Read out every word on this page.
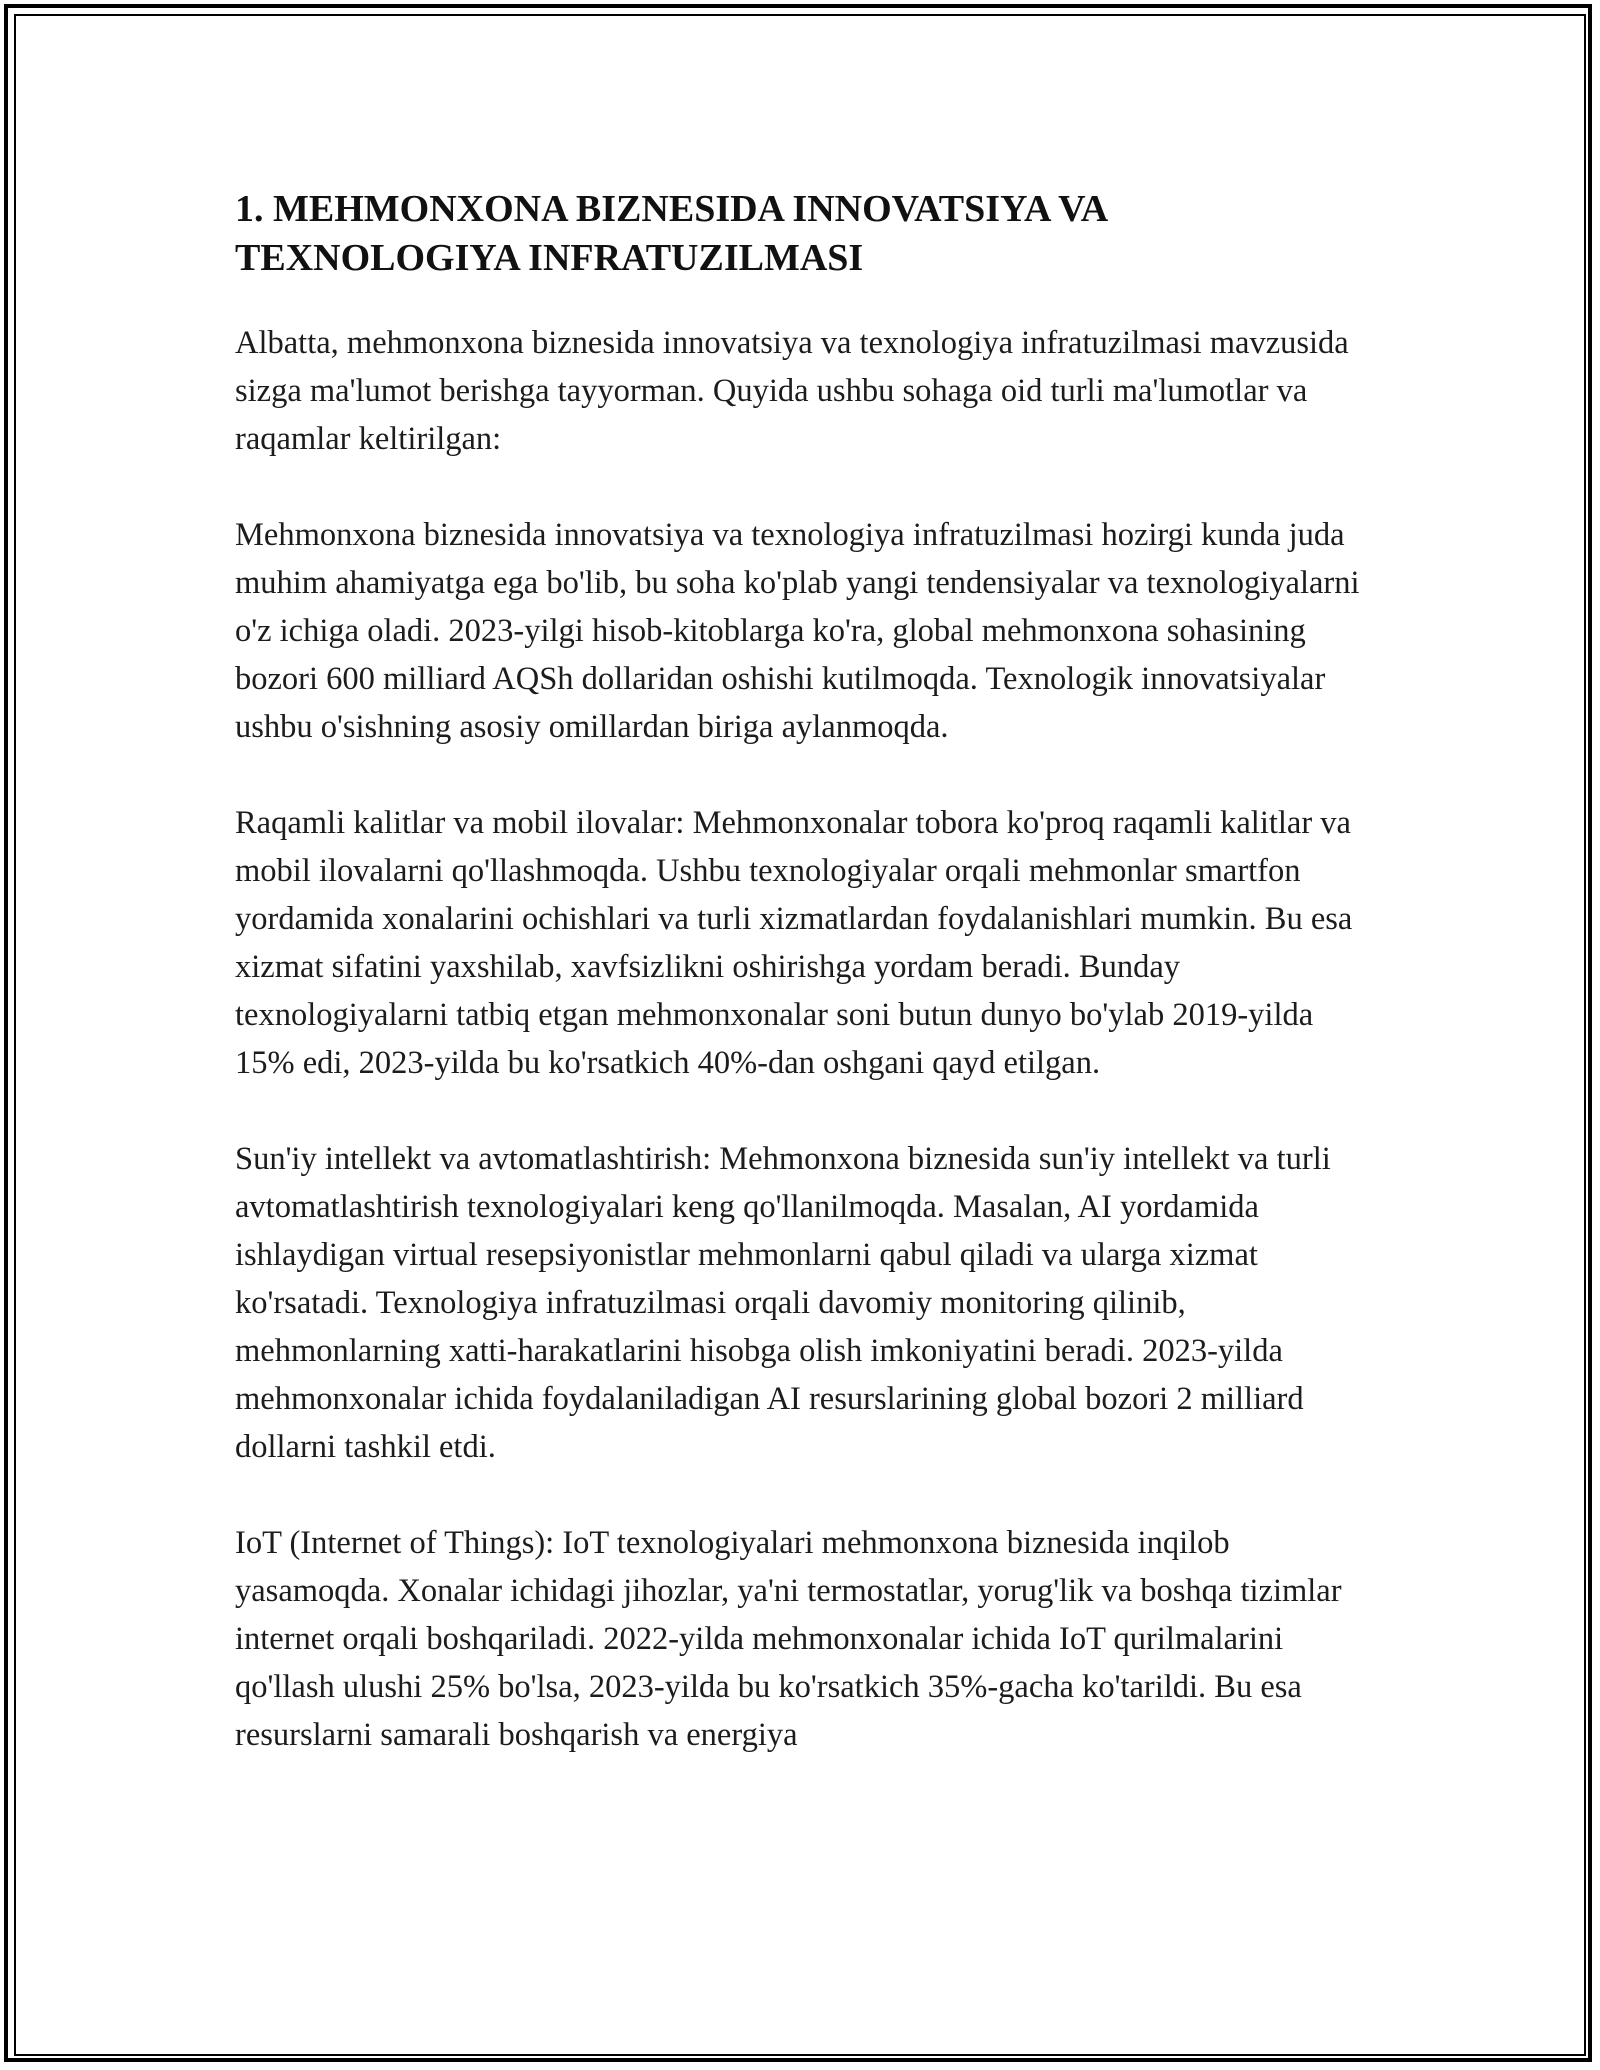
1. MEHMONXONA BIZNESIDA INNOVATSIYA VA TEXNOLOGIYA INFRATUZILMASI

Albatta, mehmonxona biznesida innovatsiya va texnologiya infratuzilmasi mavzusida sizga ma'lumot berishga tayyorman. Quyida ushbu sohaga oid turli ma'lumotlar va raqamlar keltirilgan:

Mehmonxona biznesida innovatsiya va texnologiya infratuzilmasi hozirgi kunda juda muhim ahamiyatga ega bo'lib, bu soha ko'plab yangi tendensiyalar va texnologiyalarni o'z ichiga oladi. 2023-yilgi hisob-kitoblarga ko'ra, global mehmonxona sohasining bozori 600 milliard AQSh dollaridan oshishi kutilmoqda. Texnologik innovatsiyalar ushbu o'sishning asosiy omillardan biriga aylanmoqda.

Raqamli kalitlar va mobil ilovalar: Mehmonxonalar tobora ko'proq raqamli kalitlar va mobil ilovalarni qo'llashmoqda. Ushbu texnologiyalar orqali mehmonlar smartfon yordamida xonalarini ochishlari va turli xizmatlardan foydalanishlari mumkin. Bu esa xizmat sifatini yaxshilab, xavfsizlikni oshirishga yordam beradi. Bunday texnologiyalarni tatbiq etgan mehmonxonalar soni butun dunyo bo'ylab 2019-yilda 15% edi, 2023-yilda bu ko'rsatkich 40%-dan oshgani qayd etilgan.

Sun'iy intellekt va avtomatlashtirish: Mehmonxona biznesida sun'iy intellekt va turli avtomatlashtirish texnologiyalari keng qo'llanilmoqda. Masalan, AI yordamida ishlaydigan virtual resepsiyonistlar mehmonlarni qabul qiladi va ularga xizmat ko'rsatadi. Texnologiya infratuzilmasi orqali davomiy monitoring qilinib, mehmonlarning xatti-harakatlarini hisobga olish imkoniyatini beradi. 2023-yilda mehmonxonalar ichida foydalaniladigan AI resurslarining global bozori 2 milliard dollarni tashkil etdi.

IoT (Internet of Things): IoT texnologiyalari mehmonxona biznesida inqilob yasamoqda. Xonalar ichidagi jihozlar, ya'ni termostatlar, yorug'lik va boshqa tizimlar internet orqali boshqariladi. 2022-yilda mehmonxonalar ichida IoT qurilmalarini qo'llash ulushi 25% bo'lsa, 2023-yilda bu ko'rsatkich 35%-gacha ko'tarildi. Bu esa resurslarni samarali boshqarish va energiya
